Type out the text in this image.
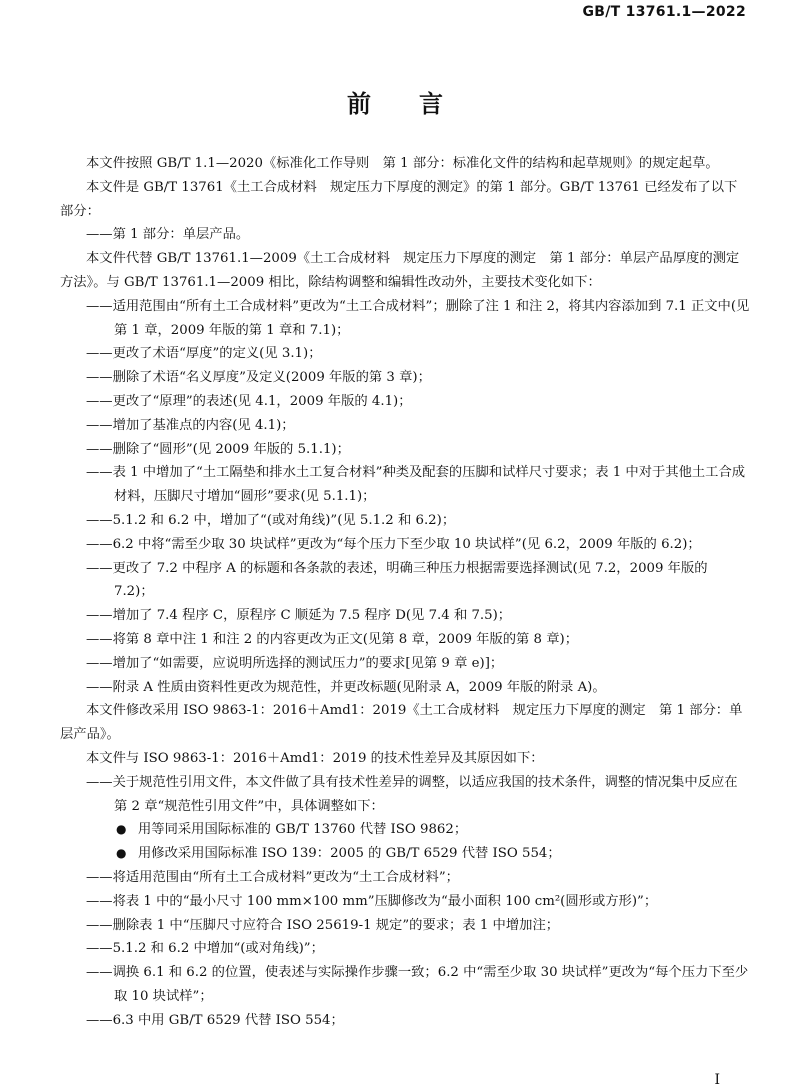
GB/T 13761.1—2022
前言
本文件按照 GB/T 1.1—2020《标准化工作导则　第 1 部分：标准化文件的结构和起草规则》的规定起草。
本文件是 GB/T 13761《土工合成材料　规定压力下厚度的测定》的第 1 部分。GB/T 13761 已经发布了以下部分：
——第 1 部分：单层产品。
本文件代替 GB/T 13761.1—2009《土工合成材料　规定压力下厚度的测定　第 1 部分：单层产品厚度的测定方法》。与 GB/T 13761.1—2009 相比，除结构调整和编辑性改动外，主要技术变化如下：
——适用范围由“所有土工合成材料”更改为“土工合成材料”；删除了注 1 和注 2，将其内容添加到 7.1 正文中(见第 1 章，2009 年版的第 1 章和 7.1)；
——更改了术语“厚度”的定义(见 3.1)；
——删除了术语“名义厚度”及定义(2009 年版的第 3 章)；
——更改了“原理”的表述(见 4.1，2009 年版的 4.1)；
——增加了基准点的内容(见 4.1)；
——删除了“圆形”(见 2009 年版的 5.1.1)；
——表 1 中增加了“土工隔垫和排水土工复合材料”种类及配套的压脚和试样尺寸要求；表 1 中对于其他土工合成材料，压脚尺寸增加“圆形”要求(见 5.1.1)；
——5.1.2 和 6.2 中，增加了“(或对角线)”(见 5.1.2 和 6.2)；
——6.2 中将“需至少取 30 块试样”更改为“每个压力下至少取 10 块试样”(见 6.2，2009 年版的 6.2)；
——更改了 7.2 中程序 A 的标题和各条款的表述，明确三种压力根据需要选择测试(见 7.2，2009 年版的 7.2)；
——增加了 7.4 程序 C，原程序 C 顺延为 7.5 程序 D(见 7.4 和 7.5)；
——将第 8 章中注 1 和注 2 的内容更改为正文(见第 8 章，2009 年版的第 8 章)；
——增加了“如需要，应说明所选择的测试压力”的要求[见第 9 章 e)]；
——附录 A 性质由资料性更改为规范性，并更改标题(见附录 A，2009 年版的附录 A)。
本文件修改采用 ISO 9863-1：2016＋Amd1：2019《土工合成材料　规定压力下厚度的测定　第 1 部分：单层产品》。
本文件与 ISO 9863-1：2016＋Amd1：2019 的技术性差异及其原因如下：
——关于规范性引用文件，本文件做了具有技术性差异的调整，以适应我国的技术条件，调整的情况集中反应在第 2 章“规范性引用文件”中，具体调整如下：
● 用等同采用国际标准的 GB/T 13760 代替 ISO 9862；
● 用修改采用国际标准 ISO 139：2005 的 GB/T 6529 代替 ISO 554；
——将适用范围由“所有土工合成材料”更改为“土工合成材料”；
——将表 1 中的“最小尺寸 100 mm×100 mm”压脚修改为“最小面积 100 cm²(圆形或方形)”；
——删除表 1 中“压脚尺寸应符合 ISO 25619-1 规定”的要求；表 1 中增加注；
——5.1.2 和 6.2 中增加“(或对角线)”；
——调换 6.1 和 6.2 的位置，使表述与实际操作步骤一致；6.2 中“需至少取 30 块试样”更改为“每个压力下至少取 10 块试样”；
——6.3 中用 GB/T 6529 代替 ISO 554；
I
